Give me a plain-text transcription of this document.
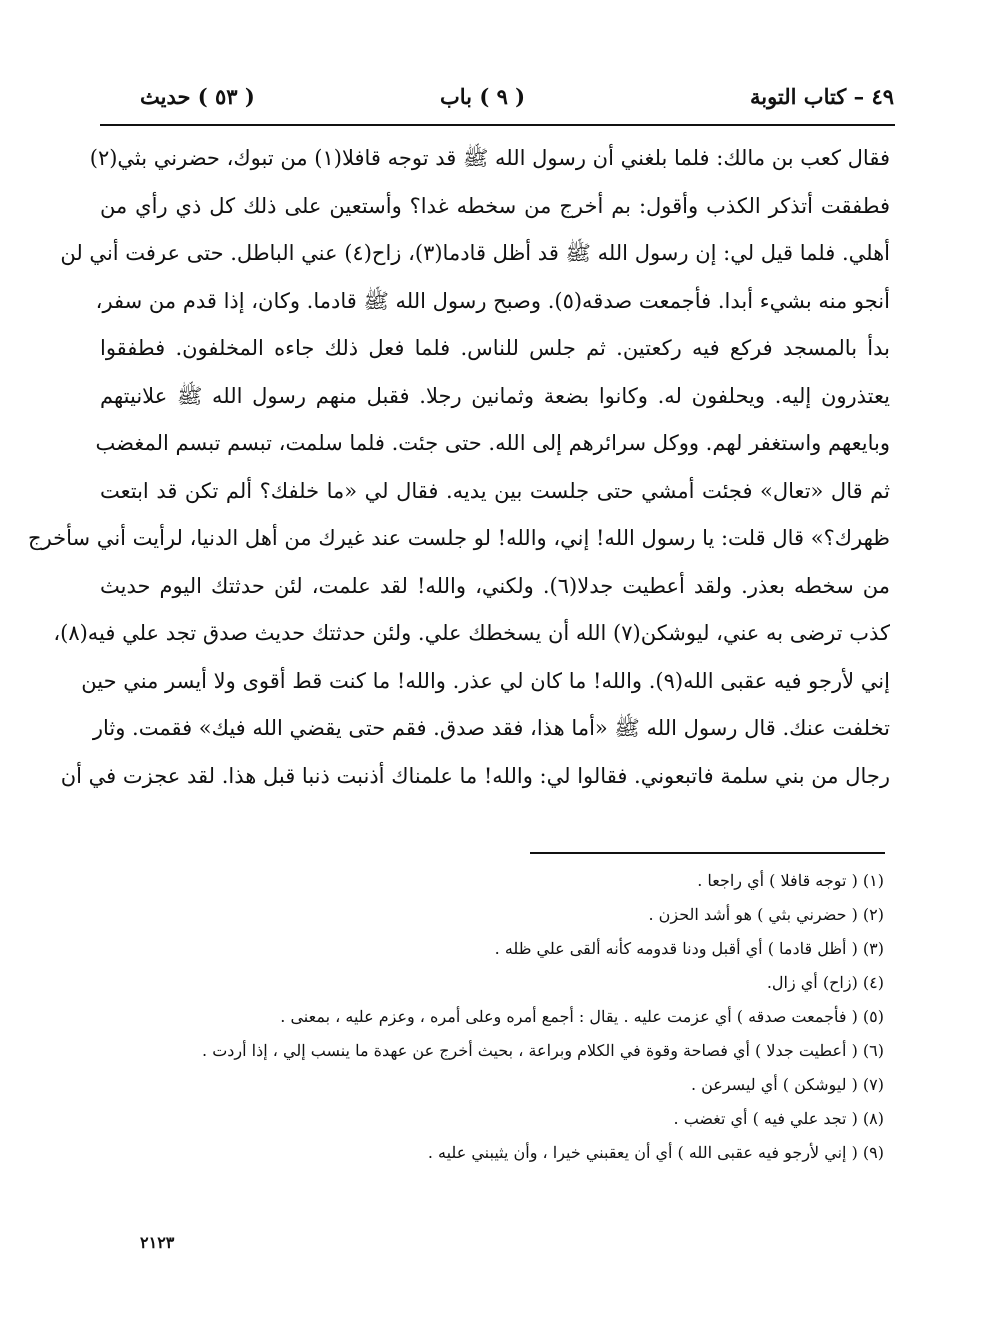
٤٩ – كتاب التوبة
( ٩ ) باب
( ٥٣ ) حديث
فقال كعب بن مالك: فلما بلغني أن رسول الله ﷺ قد توجه قافلا(١) من تبوك، حضرني بثي(٢)
فطفقت أتذكر الكذب وأقول: بم أخرج من سخطه غدا؟ وأستعين على ذلك كل ذي رأي من
أهلي. فلما قيل لي: إن رسول الله ﷺ قد أظل قادما(٣)، زاح(٤) عني الباطل. حتى عرفت أني لن
أنجو منه بشيء أبدا. فأجمعت صدقه(٥). وصبح رسول الله ﷺ قادما. وكان، إذا قدم من سفر،
بدأ بالمسجد فركع فيه ركعتين. ثم جلس للناس. فلما فعل ذلك جاءه المخلفون. فطفقوا
يعتذرون إليه. ويحلفون له. وكانوا بضعة وثمانين رجلا. فقبل منهم رسول الله ﷺ علانيتهم
وبايعهم واستغفر لهم. ووكل سرائرهم إلى الله. حتى جئت. فلما سلمت، تبسم تبسم المغضب
ثم قال «تعال» فجئت أمشي حتى جلست بين يديه. فقال لي «ما خلفك؟ ألم تكن قد ابتعت
ظهرك؟» قال قلت: يا رسول الله! إني، والله! لو جلست عند غيرك من أهل الدنيا، لرأيت أني سأخرج
من سخطه بعذر. ولقد أعطيت جدلا(٦). ولكني، والله! لقد علمت، لئن حدثتك اليوم حديث
كذب ترضى به عني، ليوشكن(٧) الله أن يسخطك علي. ولئن حدثتك حديث صدق تجد علي فيه(٨)،
إني لأرجو فيه عقبى الله(٩). والله! ما كان لي عذر. والله! ما كنت قط أقوى ولا أيسر مني حين
تخلفت عنك. قال رسول الله ﷺ «أما هذا، فقد صدق. فقم حتى يقضي الله فيك» فقمت. وثار
رجال من بني سلمة فاتبعوني. فقالوا لي: والله! ما علمناك أذنبت ذنبا قبل هذا. لقد عجزت في أن
(١) ( توجه قافلا ) أي راجعا .
(٢) ( حضرني بثي ) هو أشد الحزن .
(٣) ( أظل قادما ) أي أقبل ودنا قدومه كأنه ألقى علي ظله .
(٤) (زاح) أي زال.
(٥) ( فأجمعت صدقه ) أي عزمت عليه . يقال : أجمع أمره وعلى أمره ، وعزم عليه ، بمعنى .
(٦) ( أعطيت جدلا ) أي فصاحة وقوة في الكلام وبراعة ، بحيث أخرج عن عهدة ما ينسب إلي ، إذا أردت .
(٧) ( ليوشكن ) أي ليسرعن .
(٨) ( تجد علي فيه ) أي تغضب .
(٩) ( إني لأرجو فيه عقبى الله ) أي أن يعقبني خيرا ، وأن يثيبني عليه .
٢١٢٣
